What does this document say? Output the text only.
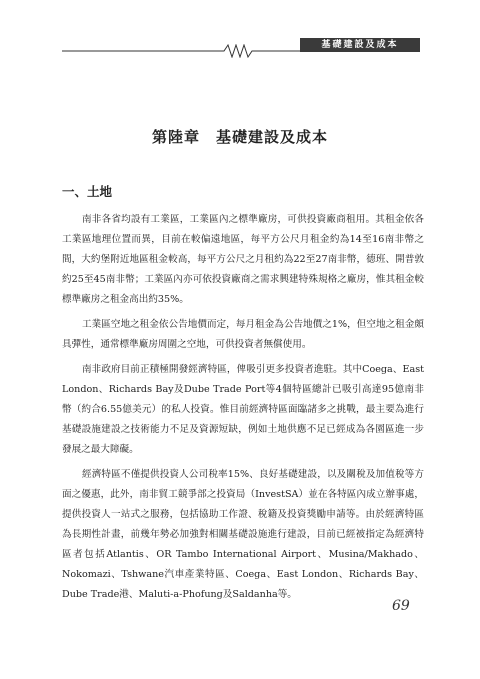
基礎建設及成本
第陸章　基礎建設及成本
一、土地

南非各省均設有工業區，工業區內之標準廠房，可供投資廠商租用。其租金依各工業區地理位置而異，目前在較偏遠地區，每平方公尺月租金約為14至16南非幣之間，大約堡附近地區租金較高，每平方公尺之月租約為22至27南非幣，德班、開普敦約25至45南非幣；工業區內亦可依投資廠商之需求興建特殊規格之廠房，惟其租金較標準廠房之租金高出約35%。

工業區空地之租金依公告地價而定，每月租金為公告地價之1%，但空地之租金頗具彈性，通常標準廠房周圍之空地，可供投資者無償使用。

南非政府目前正積極開發經濟特區，俾吸引更多投資者進駐。其中Coega、East London、Richards Bay及Dube Trade Port等4個特區總計已吸引高達95億南非幣（約合6.55億美元）的私人投資。惟目前經濟特區面臨諸多之挑戰，最主要為進行基礎設施建設之技術能力不足及資源短缺，例如土地供應不足已經成為各園區進一步發展之最大障礙。

經濟特區不僅提供投資人公司稅率15%、良好基礎建設，以及關稅及加值稅等方面之優惠，此外，南非貿工競爭部之投資局（InvestSA）並在各特區內成立辦事處，提供投資人一站式之服務，包括協助工作證、稅籍及投資獎勵申請等。由於經濟特區為長期性計畫，前幾年勢必加強對相關基礎設施進行建設，目前已經被指定為經濟特區者包括Atlantis、OR Tambo International Airport、Musina/Makhado、Nokomazi、Tshwane汽車產業特區、Coega、East London、Richards Bay、Dube Trade港、Maluti-a-Phofung及Saldanha等。

69
